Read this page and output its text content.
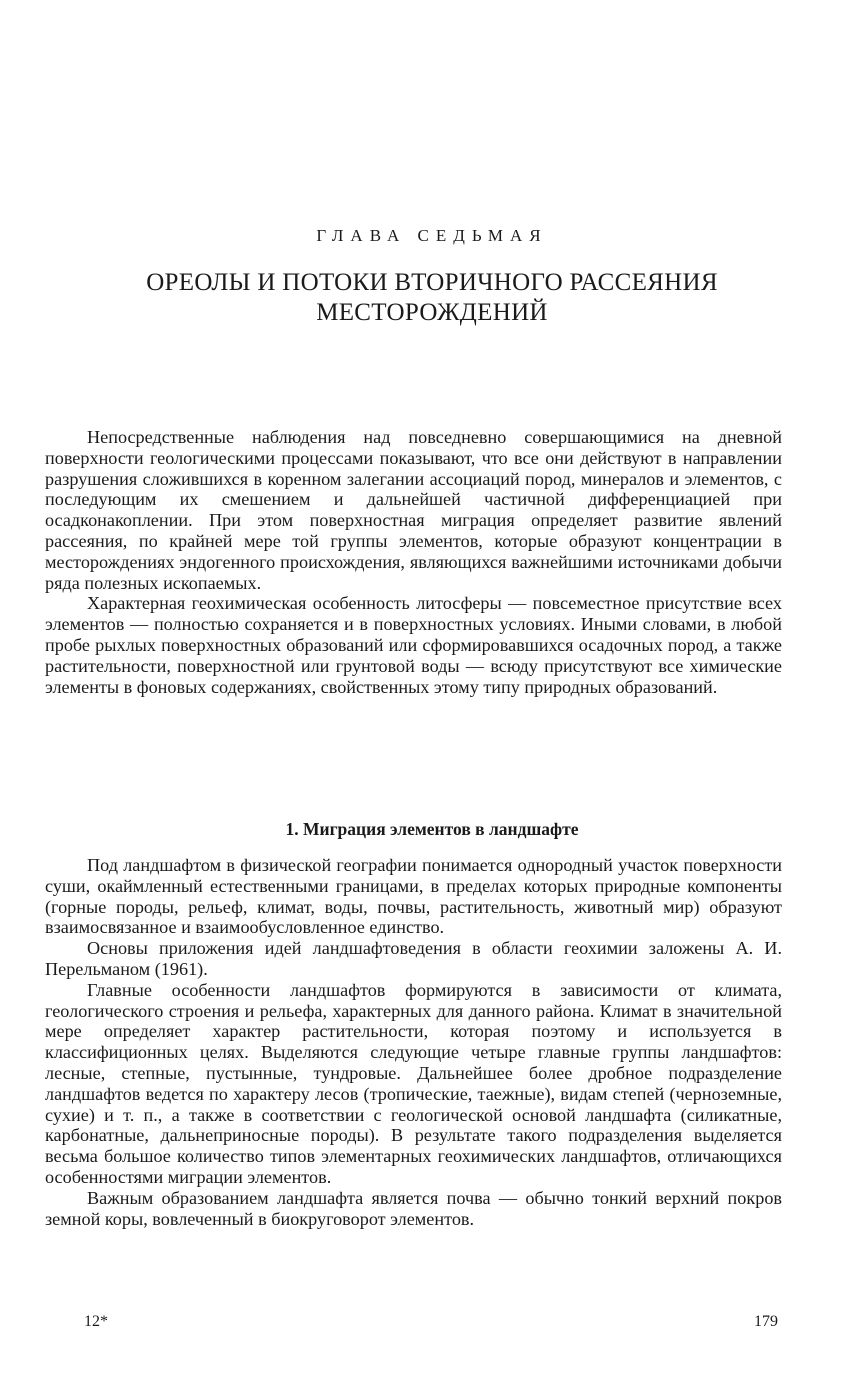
ГЛАВА СЕДЬМАЯ
ОРЕОЛЫ И ПОТОКИ ВТОРИЧНОГО РАССЕЯНИЯ
МЕСТОРОЖДЕНИЙ

Непосредственные наблюдения над повседневно совершающимися на дневной поверхности геологическими процессами показывают, что все они действуют в направлении разрушения сложившихся в коренном залегании ассоциаций пород, минералов и элементов, с последующим их смешением и дальнейшей частичной дифференциацией при осадконакоплении. При этом поверхностная миграция определяет развитие явлений рассеяния, по крайней мере той группы элементов, которые образуют концентрации в месторождениях эндогенного происхождения, являющихся важнейшими источниками добычи ряда полезных ископаемых.

Характерная геохимическая особенность литосферы — повсеместное присутствие всех элементов — полностью сохраняется и в поверхностных условиях. Иными словами, в любой пробе рыхлых поверхностных образований или сформировавшихся осадочных пород, а также растительности, поверхностной или грунтовой воды — всюду присутствуют все химические элементы в фоновых содержаниях, свойственных этому типу природных образований.

1. Миграция элементов в ландшафте

Под ландшафтом в физической географии понимается однородный участок поверхности суши, окаймленный естественными границами, в пределах которых природные компоненты (горные породы, рельеф, климат, воды, почвы, растительность, животный мир) образуют взаимосвязанное и взаимообусловленное единство.

Основы приложения идей ландшафтоведения в области геохимии заложены А. И. Перельманом (1961).

Главные особенности ландшафтов формируются в зависимости от климата, геологического строения и рельефа, характерных для данного района. Климат в значительной мере определяет характер растительности, которая поэтому и используется в классифиционных целях. Выделяются следующие четыре главные группы ландшафтов: лесные, степные, пустынные, тундровые. Дальнейшее более дробное подразделение ландшафтов ведется по характеру лесов (тропические, таежные), видам степей (черноземные, сухие) и т. п., а также в соответствии с геологической основой ландшафта (силикатные, карбонатные, дальнеприносные породы). В результате такого подразделения выделяется весьма большое количество типов элементарных геохимических ландшафтов, отличающихся особенностями миграции элементов.

Важным образованием ландшафта является почва — обычно тонкий верхний покров земной коры, вовлеченный в биокруговорот элементов.

12*	179
